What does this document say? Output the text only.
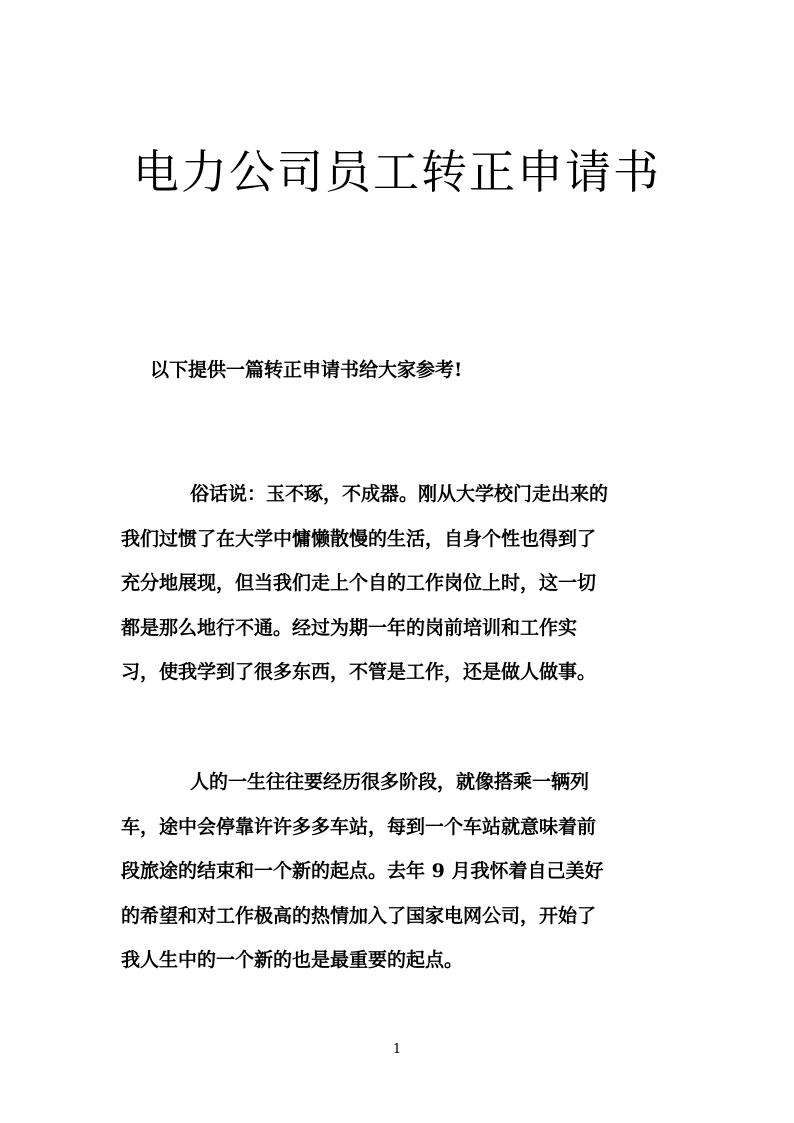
电力公司员工转正申请书

以下提供一篇转正申请书给大家参考!

俗话说：玉不琢，不成器。刚从大学校门走出来的
我们过惯了在大学中慵懒散慢的生活，自身个性也得到了
充分地展现，但当我们走上个自的工作岗位上时，这一切
都是那么地行不通。经过为期一年的岗前培训和工作实
习，使我学到了很多东西，不管是工作，还是做人做事。
人的一生往往要经历很多阶段，就像搭乘一辆列
车，途中会停靠许许多多车站，每到一个车站就意味着前
段旅途的结束和一个新的起点。去年 9 月我怀着自己美好
的希望和对工作极高的热情加入了国家电网公司，开始了
我人生中的一个新的也是最重要的起点。

1
